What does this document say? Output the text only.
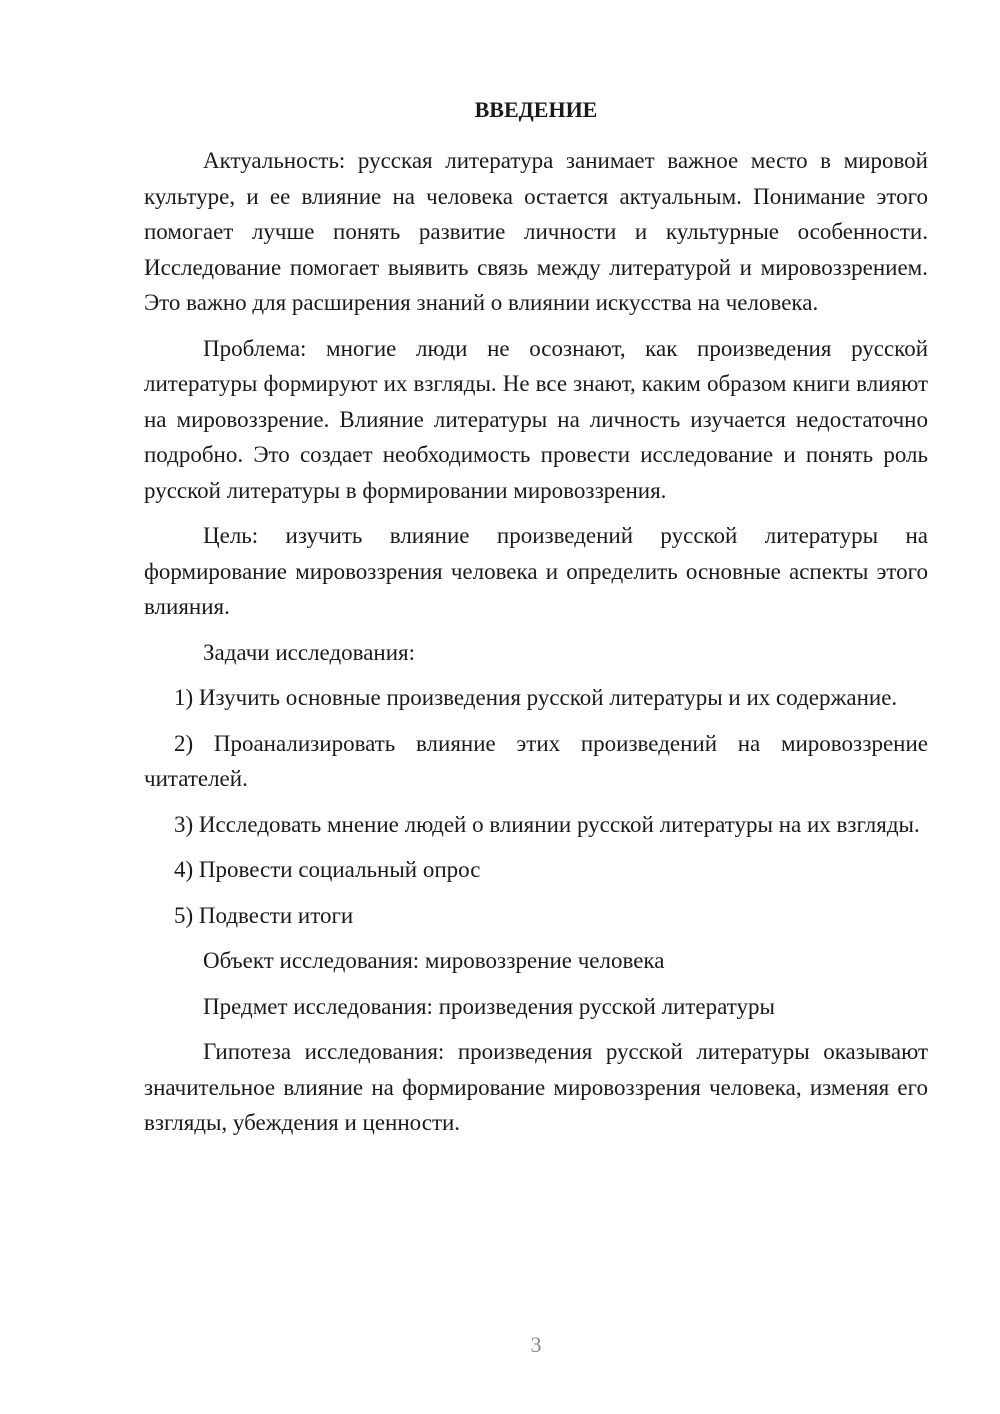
ВВЕДЕНИЕ

Актуальность: русская литература занимает важное место в мировой культуре, и ее влияние на человека остается актуальным. Понимание этого помогает лучше понять развитие личности и культурные особенности. Исследование помогает выявить связь между литературой и мировоззрением. Это важно для расширения знаний о влиянии искусства на человека.

Проблема: многие люди не осознают, как произведения русской литературы формируют их взгляды. Не все знают, каким образом книги влияют на мировоззрение. Влияние литературы на личность изучается недостаточно подробно. Это создает необходимость провести исследование и понять роль русской литературы в формировании мировоззрения.

Цель: изучить влияние произведений русской литературы на формирование мировоззрения человека и определить основные аспекты этого влияния.

Задачи исследования:

1) Изучить основные произведения русской литературы и их содержание.

2) Проанализировать влияние этих произведений на мировоззрение читателей.

3) Исследовать мнение людей о влиянии русской литературы на их взгляды.

4) Провести социальный опрос

5) Подвести итоги

Объект исследования: мировоззрение человека

Предмет исследования: произведения русской литературы

Гипотеза исследования: произведения русской литературы оказывают значительное влияние на формирование мировоззрения человека, изменяя его взгляды, убеждения и ценности.

3
